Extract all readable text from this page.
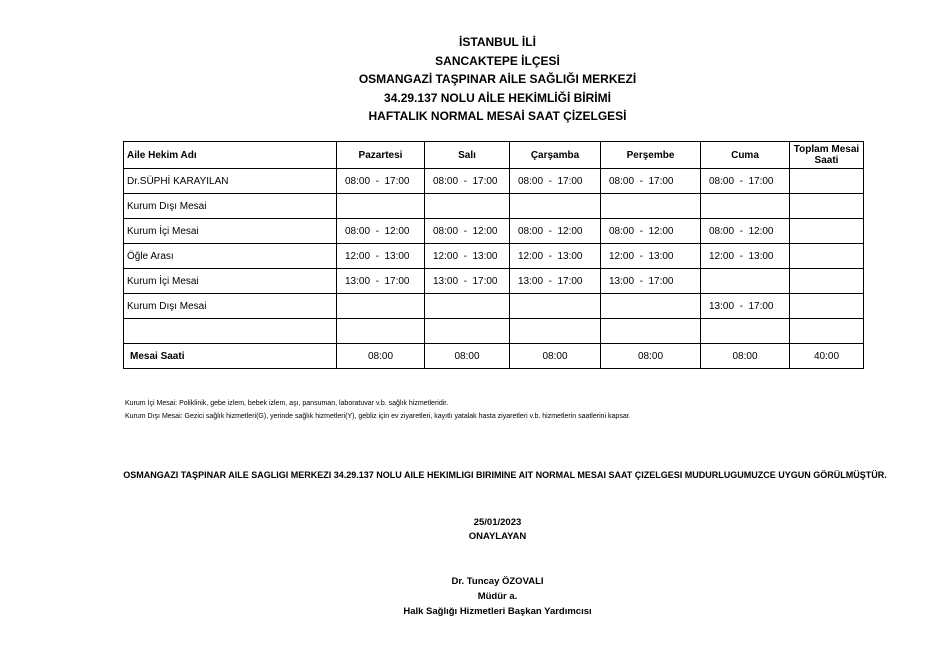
İSTANBUL İLİ
SANCAKTEPE İLÇESİ
OSMANGAZİ TAŞPINAR AİLE SAĞLIĞI MERKEZİ
34.29.137 NOLU AİLE HEKİMLİĞİ BİRİMİ
HAFTALIK NORMAL MESAİ SAAT ÇİZELGESİ
Aile Hekim Adı	Pazartesi	Salı	Çarşamba	Perşembe	Cuma	Toplam Mesai Saati
Dr.SÜPHİ KARAYILAN	08:00  -  17:00	08:00  -  17:00	08:00  -  17:00	08:00  -  17:00	08:00  -  17:00	
Kurum Dışı Mesai						
Kurum İçi Mesai	08:00  -  12:00	08:00  -  12:00	08:00  -  12:00	08:00  -  12:00	08:00  -  12:00	
Öğle Arası	12:00  -  13:00	12:00  -  13:00	12:00  -  13:00	12:00  -  13:00	12:00  -  13:00	
Kurum İçi Mesai	13:00  -  17:00	13:00  -  17:00	13:00  -  17:00	13:00  -  17:00		
Kurum Dışı Mesai					13:00  -  17:00	

Mesai Saati	08:00	08:00	08:00	08:00	08:00	40:00
Kurum İçi Mesai: Poliklinik, gebe izlem, bebek izlem, aşı, pansuman, laboratuvar v.b. sağlık hizmetleridir.
Kurum Dışı Mesai: Gezici sağlık hizmetleri(G), yerinde sağlık hizmetleri(Y), gebliz için ev ziyaretleri, kayıtlı yatalak hasta ziyaretleri v.b. hizmetlerin saatlerini kapsar.
OSMANGAZI TAŞPINAR AILE SAGLIGI MERKEZI 34.29.137 NOLU AILE HEKIMLIGI BIRIMINE AIT NORMAL MESAI SAAT ÇIZELGESI MUDURLUGUMUZCE UYGUN GÖRÜLMÜŞTÜR.
25/01/2023
ONAYLAYAN
Dr. Tuncay ÖZOVALI
Müdür a.
Halk Sağlığı Hizmetleri Başkan Yardımcısı
